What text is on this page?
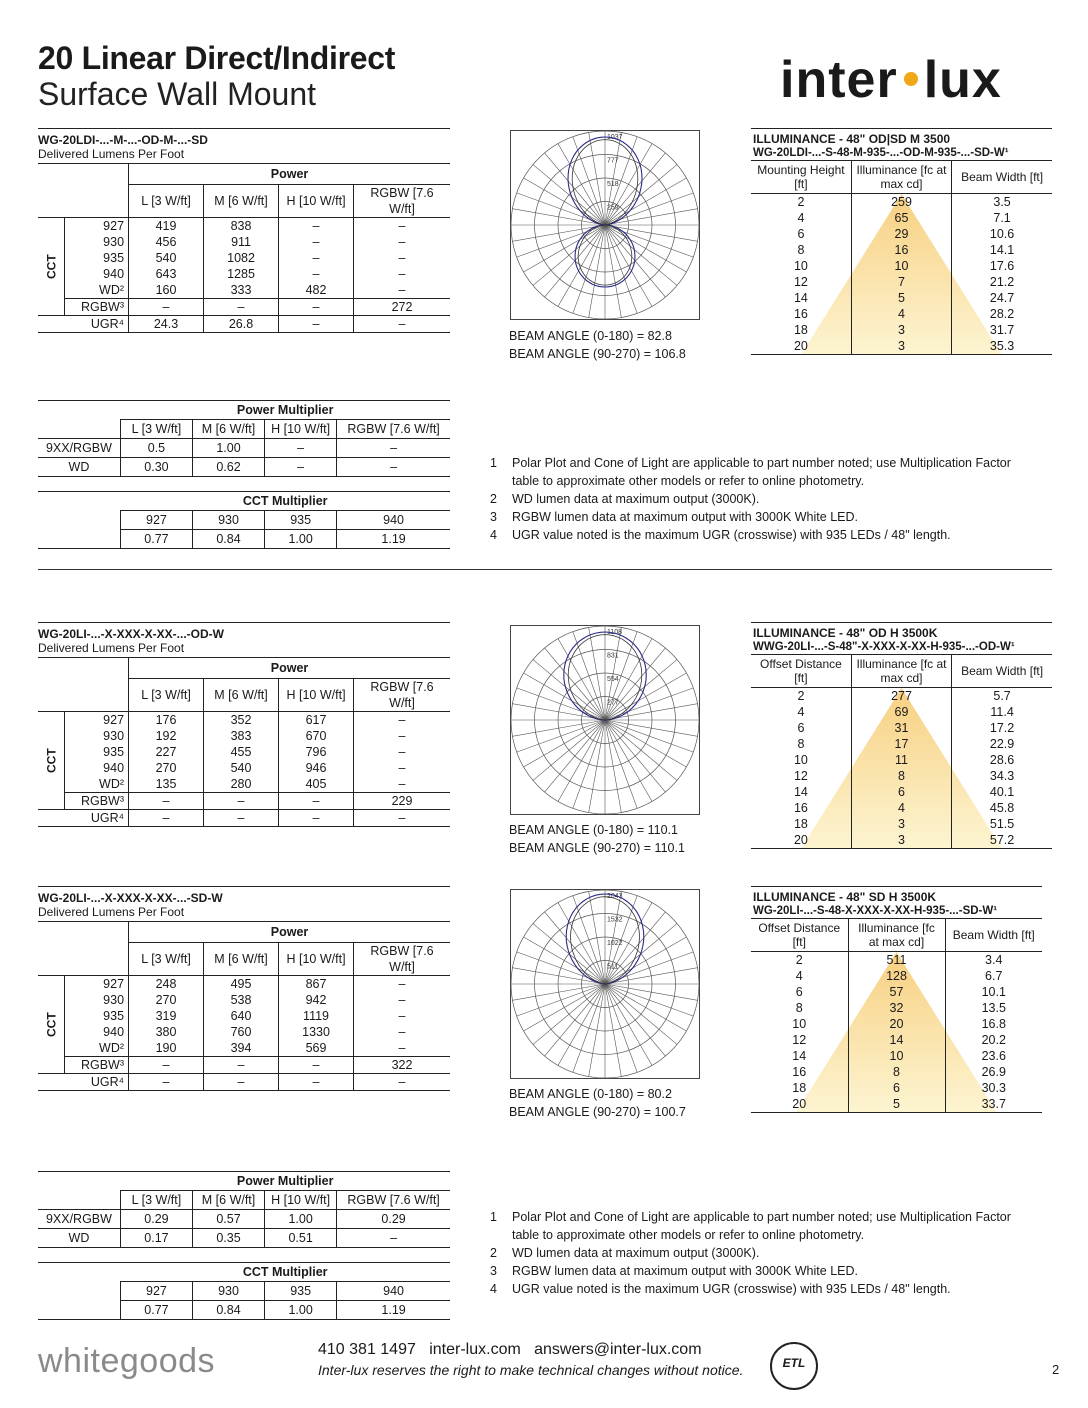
20 Linear Direct/Indirect
Surface Wall Mount	inter lux
WG-20LDI-...-M-...-OD-M-...-SD
Delivered Lumens Per Foot
		Power			
		L [3 W/ft]	M [6 W/ft]	H [10 W/ft]	RGBW [7.6 W/ft]
CCT	927	419	838	–	–
	930	456	911	–	–
	935	540	1082	–	–
	940	643	1285	–	–
	WD²	160	333	482	–
	RGBW³	–	–	–	272
	UGR⁴	24.3	26.8	–	–
1037
777
518
259
BEAM ANGLE (0-180) = 82.8
BEAM ANGLE (90-270) = 106.8
ILLUMINANCE - 48" OD|SD M 3500
WG-20LDI-...-S-48-M-935-...-OD-M-935-...-SD-W¹
Mounting Height [ft]	Illuminance [fc at max cd]	Beam Width [ft]
2	259	3.5
4	65	7.1
6	29	10.6
8	16	14.1
10	10	17.6
12	7	21.2
14	5	24.7
16	4	28.2
18	3	31.7
20	3	35.3
	Power Multiplier			
	L [3 W/ft]	M [6 W/ft]	H [10 W/ft]	RGBW [7.6 W/ft]
9XX/RGBW	0.5	1.00	–	–
WD	0.30	0.62	–	–
	CCT Multiplier			
	927	930	935	940
	0.77	0.84	1.00	1.19
1	Polar Plot and Cone of Light are applicable to part number noted; use Multiplication Factor table to approximate other models or refer to online photometry.
2	WD lumen data at maximum output (3000K).
3	RGBW lumen data at maximum output with 3000K White LED.
4	UGR value noted is the maximum UGR (crosswise) with 935 LEDs / 48" length.
WG-20LI-...-X-XXX-X-XX-...-OD-W
Delivered Lumens Per Foot
		Power			
		L [3 W/ft]	M [6 W/ft]	H [10 W/ft]	RGBW [7.6 W/ft]
CCT	927	176	352	617	–
	930	192	383	670	–
	935	227	455	796	–
	940	270	540	946	–
	WD²	135	280	405	–
	RGBW³	–	–	–	229
	UGR⁴	–	–	–	–
1108
831
554
277
BEAM ANGLE (0-180) = 110.1
BEAM ANGLE (90-270) = 110.1
ILLUMINANCE - 48" OD H 3500K
WWG-20LI-...-S-48"-X-XXX-X-XX-H-935-...-OD-W¹
Offset Distance [ft]	Illuminance [fc at max cd]	Beam Width [ft]
2	277	5.7
4	69	11.4
6	31	17.2
8	17	22.9
10	11	28.6
12	8	34.3
14	6	40.1
16	4	45.8
18	3	51.5
20	3	57.2
WG-20LI-...-X-XXX-X-XX-...-SD-W
Delivered Lumens Per Foot
		Power			
		L [3 W/ft]	M [6 W/ft]	H [10 W/ft]	RGBW [7.6 W/ft]
CCT	927	248	495	867	–
	930	270	538	942	–
	935	319	640	1119	–
	940	380	760	1330	–
	WD²	190	394	569	–
	RGBW³	–	–	–	322
	UGR⁴	–	–	–	–
2043
1532
1022
511
BEAM ANGLE (0-180) = 80.2
BEAM ANGLE (90-270) = 100.7
ILLUMINANCE - 48" SD H 3500K
WG-20LI-...-S-48-X-XXX-X-XX-H-935-...-SD-W¹
Offset Distance [ft]	Illuminance [fc at max cd]	Beam Width [ft]
2	511	3.4
4	128	6.7
6	57	10.1
8	32	13.5
10	20	16.8
12	14	20.2
14	10	23.6
16	8	26.9
18	6	30.3
20	5	33.7
	Power Multiplier			
	L [3 W/ft]	M [6 W/ft]	H [10 W/ft]	RGBW [7.6 W/ft]
9XX/RGBW	0.29	0.57	1.00	0.29
WD	0.17	0.35	0.51	–
	CCT Multiplier			
	927	930	935	940
	0.77	0.84	1.00	1.19
1	Polar Plot and Cone of Light are applicable to part number noted; use Multiplication Factor table to approximate other models or refer to online photometry.
2	WD lumen data at maximum output (3000K).
3	RGBW lumen data at maximum output with 3000K White LED.
4	UGR value noted is the maximum UGR (crosswise) with 935 LEDs / 48" length.
whitegoods	410 381 1497   inter-lux.com   answers@inter-lux.com
Inter-lux reserves the right to make technical changes without notice.	ETL	2
